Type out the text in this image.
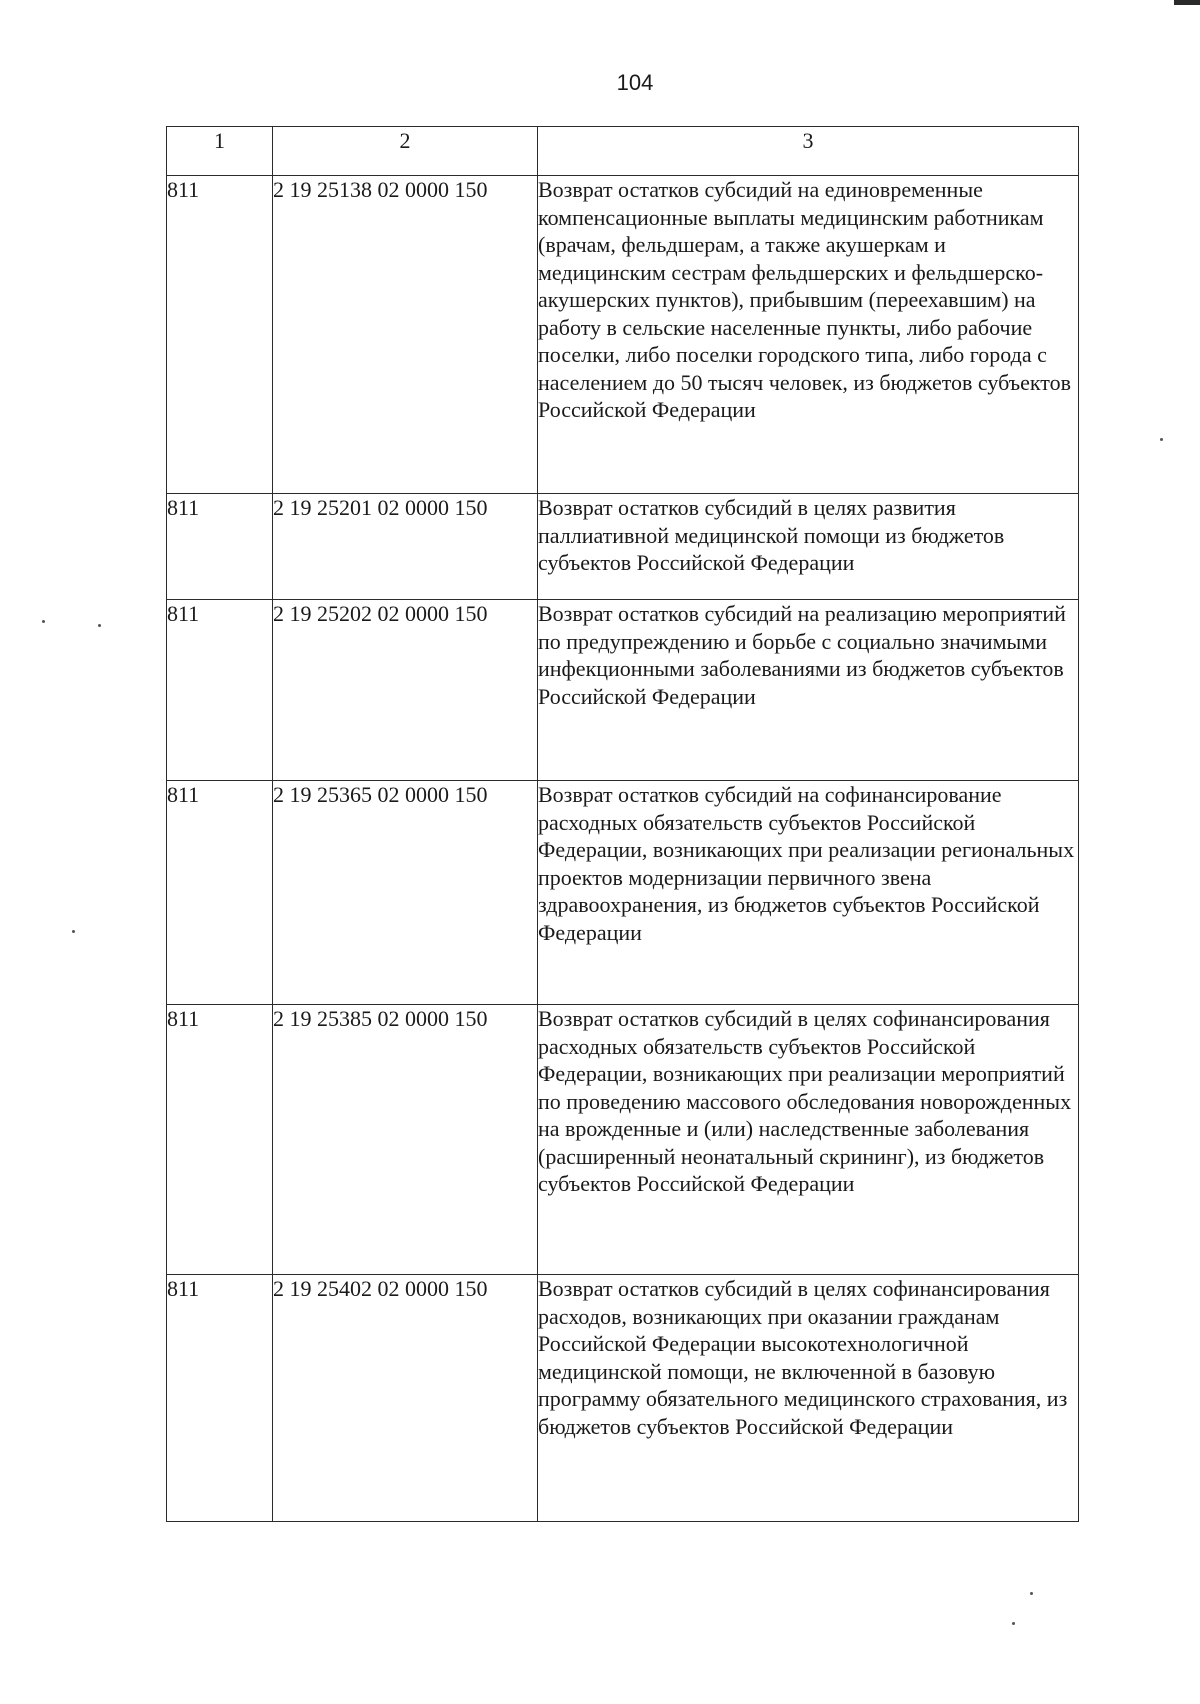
104
1	2	3
811	2 19 25138 02 0000 150	Возврат остатков субсидий на единовременные компенсационные выплаты медицинским работникам (врачам, фельдшерам, а также акушеркам и медицинским сестрам фельдшерских и фельдшерско-акушерских пунктов), прибывшим (переехавшим) на работу в сельские населенные пункты, либо рабочие поселки, либо поселки городского типа, либо города с населением до 50 тысяч человек, из бюджетов субъектов Российской Федерации
811	2 19 25201 02 0000 150	Возврат остатков субсидий в целях развития паллиативной медицинской помощи из бюджетов субъектов Российской Федерации
811	2 19 25202 02 0000 150	Возврат остатков субсидий на реализацию мероприятий по предупреждению и борьбе с социально значимыми инфекционными заболеваниями из бюджетов субъектов Российской Федерации
811	2 19 25365 02 0000 150	Возврат остатков субсидий на софинансирование расходных обязательств субъектов Российской Федерации, возникающих при реализации региональных проектов модернизации первичного звена здравоохранения, из бюджетов субъектов Российской Федерации
811	2 19 25385 02 0000 150	Возврат остатков субсидий в целях софинансирования расходных обязательств субъектов Российской Федерации, возникающих при реализации мероприятий по проведению массового обследования новорожденных на врожденные и (или) наследственные заболевания (расширенный неонатальный скрининг), из бюджетов субъектов Российской Федерации
811	2 19 25402 02 0000 150	Возврат остатков субсидий в целях софинансирования расходов, возникающих при оказании гражданам Российской Федерации высокотехнологичной медицинской помощи, не включенной в базовую программу обязательного медицинского страхования, из бюджетов субъектов Российской Федерации
